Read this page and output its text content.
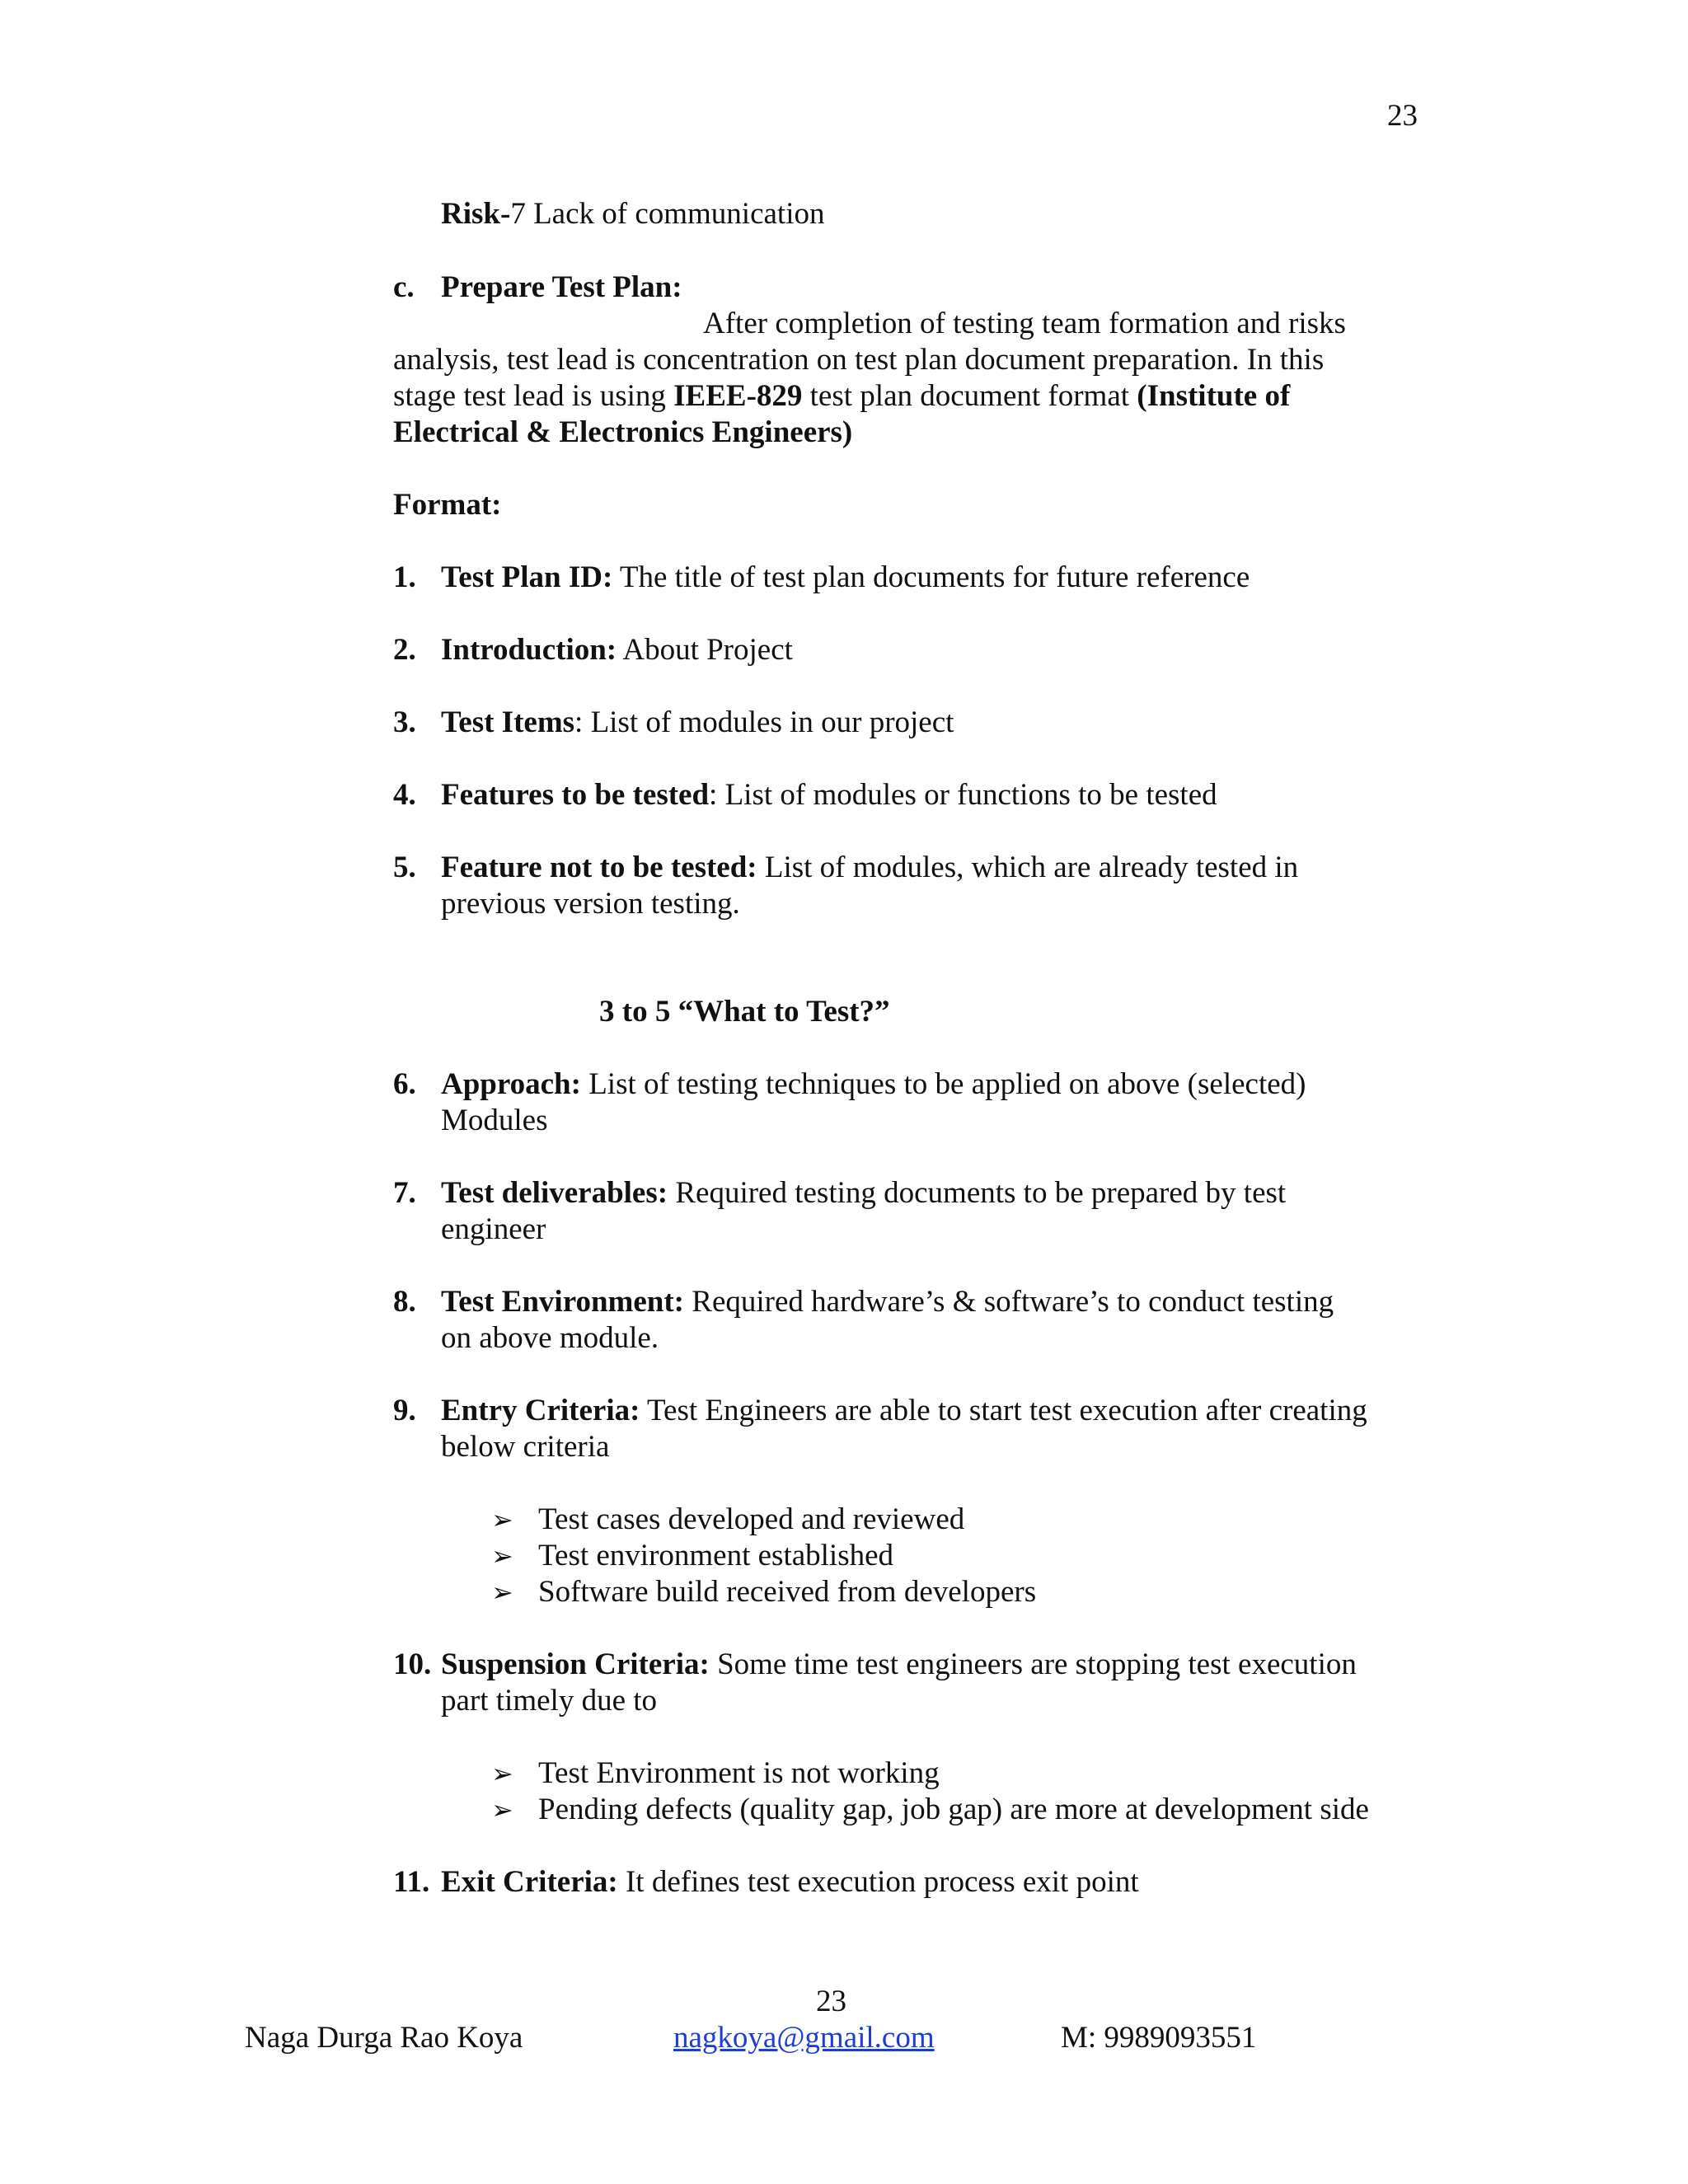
23
Risk-7 Lack of communication
c. Prepare Test Plan:
After completion of testing team formation and risks
analysis, test lead is concentration on test plan document preparation. In this
stage test lead is using IEEE-829 test plan document format (Institute of
Electrical & Electronics Engineers)
Format:
1. Test Plan ID: The title of test plan documents for future reference
2. Introduction: About Project
3. Test Items: List of modules in our project
4. Features to be tested: List of modules or functions to be tested
5. Feature not to be tested: List of modules, which are already tested in
previous version testing.
3 to 5 “What to Test?”
6. Approach: List of testing techniques to be applied on above (selected)
Modules
7. Test deliverables: Required testing documents to be prepared by test
engineer
8. Test Environment: Required hardware’s & software’s to conduct testing
on above module.
9. Entry Criteria: Test Engineers are able to start test execution after creating
below criteria
➢ Test cases developed and reviewed
➢ Test environment established
➢ Software build received from developers
10. Suspension Criteria: Some time test engineers are stopping test execution
part timely due to
➢ Test Environment is not working
➢ Pending defects (quality gap, job gap) are more at development side
11. Exit Criteria: It defines test execution process exit point
23
Naga Durga Rao Koya	nagkoya@gmail.com	M: 9989093551
